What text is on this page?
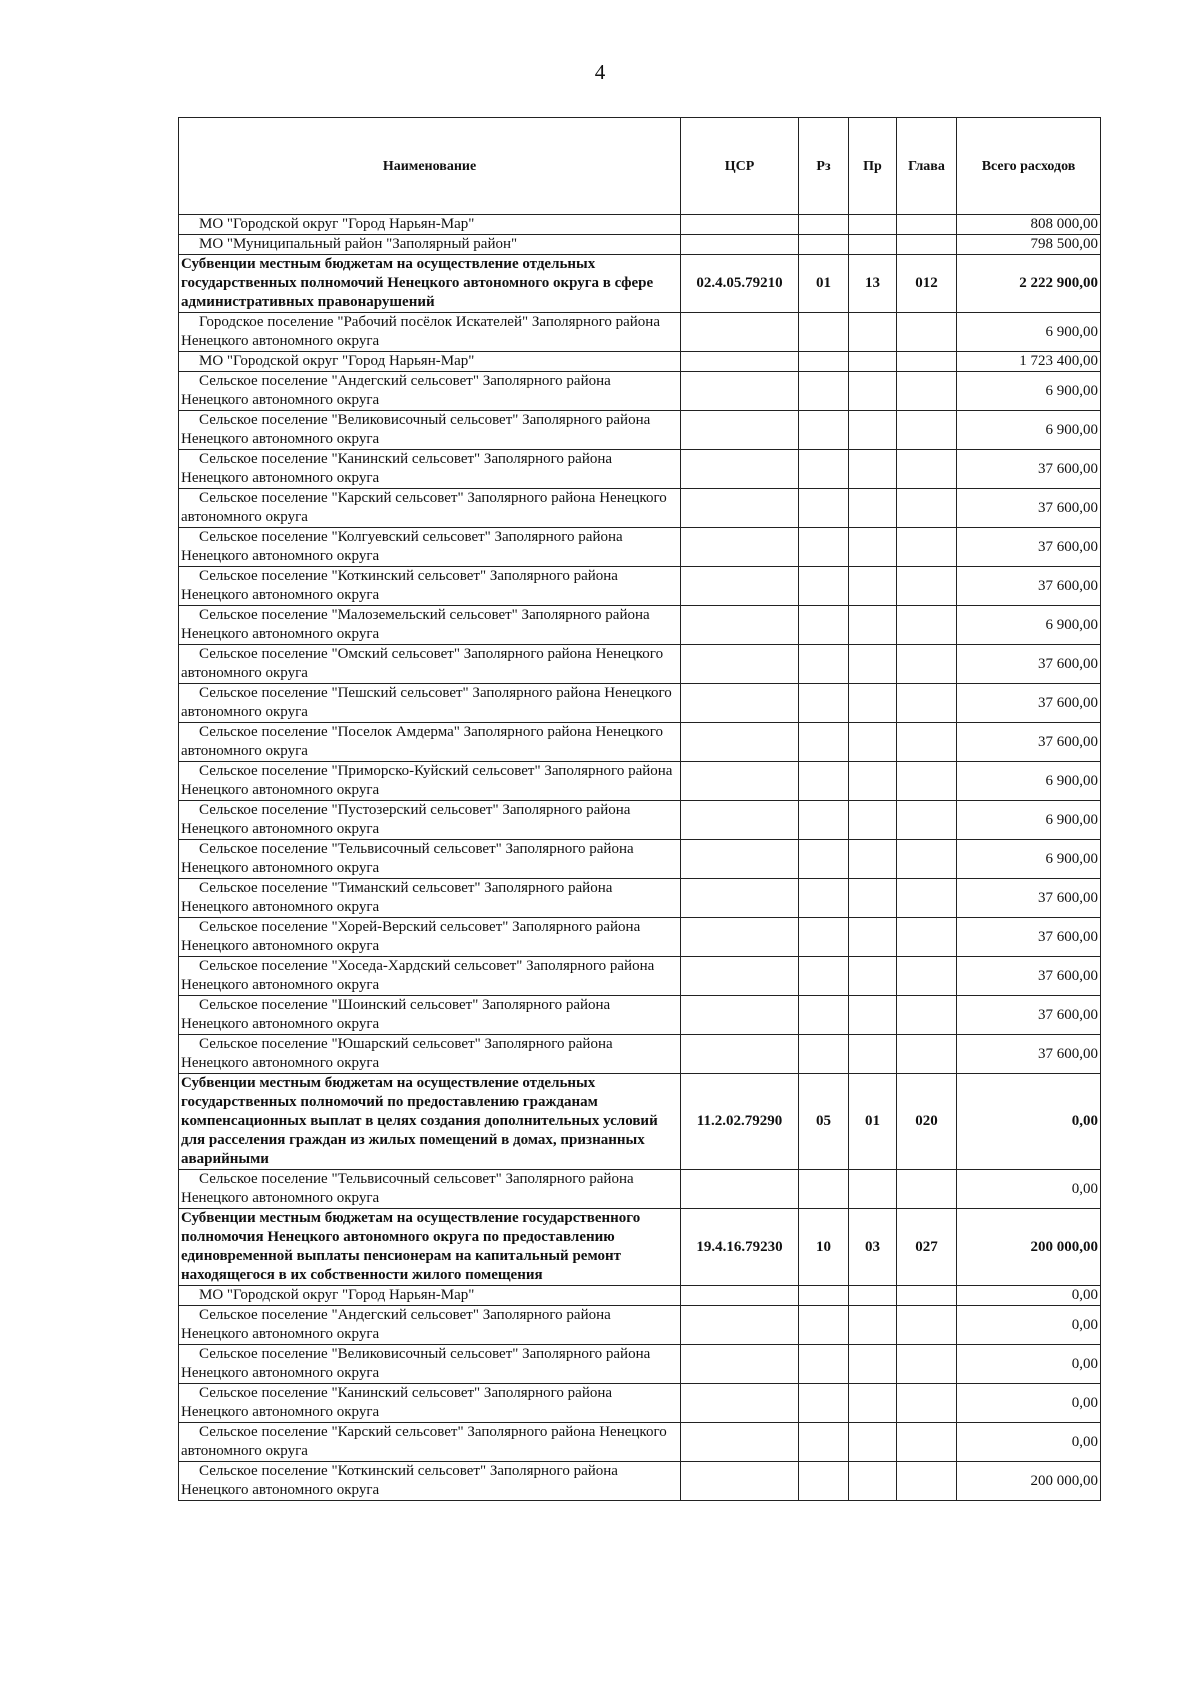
4
Наименование	ЦСР	Рз	Пр	Глава	Всего расходов
МО "Городской округ "Город Нарьян-Мар"					808 000,00
МО "Муниципальный район "Заполярный район"					798 500,00
Субвенции местным бюджетам на осуществление отдельных государственных полномочий Ненецкого автономного округа в сфере административных правонарушений	02.4.05.79210	01	13	012	2 222 900,00
Городское поселение "Рабочий посёлок Искателей" Заполярного района Ненецкого автономного округа					6 900,00
МО "Городской округ "Город Нарьян-Мар"					1 723 400,00
Сельское поселение "Андегский сельсовет" Заполярного района Ненецкого автономного округа					6 900,00
Сельское поселение "Великовисочный сельсовет" Заполярного района Ненецкого автономного округа					6 900,00
Сельское поселение "Канинский сельсовет" Заполярного района Ненецкого автономного округа					37 600,00
Сельское поселение "Карский сельсовет" Заполярного района Ненецкого автономного округа					37 600,00
Сельское поселение "Колгуевский сельсовет" Заполярного района Ненецкого автономного округа					37 600,00
Сельское поселение "Коткинский сельсовет" Заполярного района Ненецкого автономного округа					37 600,00
Сельское поселение "Малоземельский сельсовет" Заполярного района Ненецкого автономного округа					6 900,00
Сельское поселение "Омский сельсовет" Заполярного района Ненецкого автономного округа					37 600,00
Сельское поселение "Пешский сельсовет" Заполярного района Ненецкого автономного округа					37 600,00
Сельское поселение "Поселок Амдерма" Заполярного района Ненецкого автономного округа					37 600,00
Сельское поселение "Приморско-Куйский сельсовет" Заполярного района Ненецкого автономного округа					6 900,00
Сельское поселение "Пустозерский сельсовет" Заполярного района Ненецкого автономного округа					6 900,00
Сельское поселение "Тельвисочный сельсовет" Заполярного района Ненецкого автономного округа					6 900,00
Сельское поселение "Тиманский сельсовет" Заполярного района Ненецкого автономного округа					37 600,00
Сельское поселение "Хорей-Верский сельсовет" Заполярного района Ненецкого автономного округа					37 600,00
Сельское поселение "Хоседа-Хардский сельсовет" Заполярного района Ненецкого автономного округа					37 600,00
Сельское поселение "Шоинский сельсовет" Заполярного района Ненецкого автономного округа					37 600,00
Сельское поселение "Юшарский сельсовет" Заполярного района Ненецкого автономного округа					37 600,00
Субвенции местным бюджетам на осуществление отдельных государственных полномочий по предоставлению гражданам компенсационных выплат в целях создания дополнительных условий для расселения граждан из жилых помещений в домах, признанных аварийными	11.2.02.79290	05	01	020	0,00
Сельское поселение "Тельвисочный сельсовет" Заполярного района Ненецкого автономного округа					0,00
Субвенции местным бюджетам на осуществление государственного полномочия Ненецкого автономного округа по предоставлению единовременной выплаты пенсионерам на капитальный ремонт находящегося в их собственности жилого помещения	19.4.16.79230	10	03	027	200 000,00
МО "Городской округ "Город Нарьян-Мар"					0,00
Сельское поселение "Андегский сельсовет" Заполярного района Ненецкого автономного округа					0,00
Сельское поселение "Великовисочный сельсовет" Заполярного района Ненецкого автономного округа					0,00
Сельское поселение "Канинский сельсовет" Заполярного района Ненецкого автономного округа					0,00
Сельское поселение "Карский сельсовет" Заполярного района Ненецкого автономного округа					0,00
Сельское поселение "Коткинский сельсовет" Заполярного района Ненецкого автономного округа					200 000,00
